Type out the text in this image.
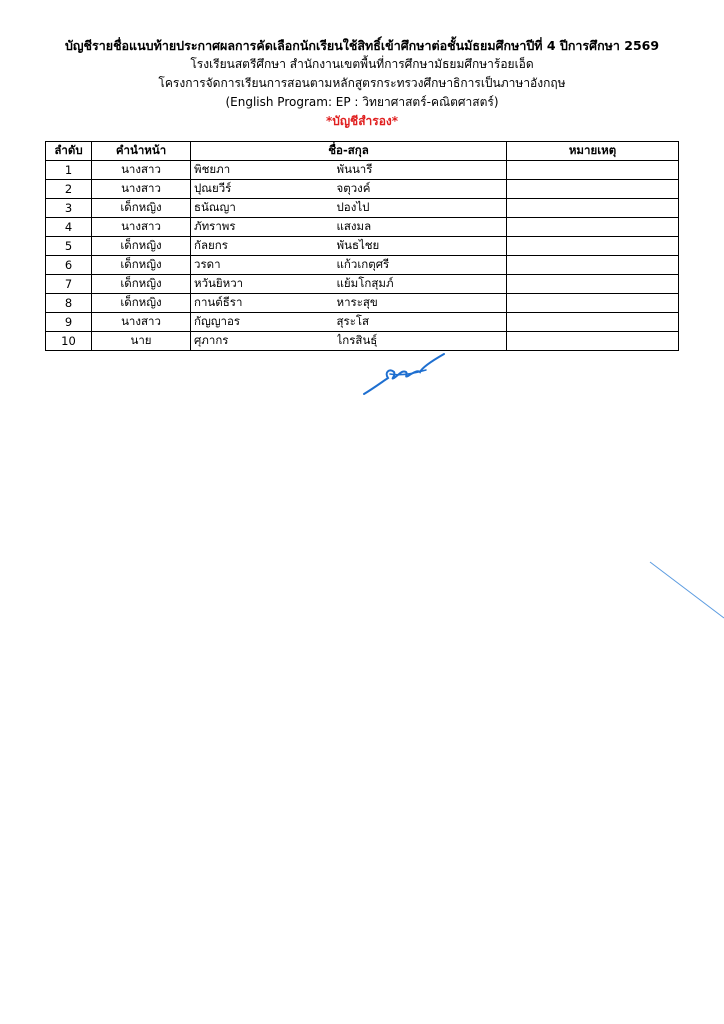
บัญชีรายชื่อแนบท้ายประกาศผลการคัดเลือกนักเรียนใช้สิทธิ์เข้าศึกษาต่อชั้นมัธยมศึกษาปีที่ 4 ปีการศึกษา 2569
โรงเรียนสตรีศึกษา สำนักงานเขตพื้นที่การศึกษามัธยมศึกษาร้อยเอ็ด
โครงการจัดการเรียนการสอนตามหลักสูตรกระทรวงศึกษาธิการเป็นภาษาอังกฤษ
(English Program: EP : วิทยาศาสตร์-คณิตศาสตร์)
*บัญชีสำรอง*
ลำดับ	คำนำหน้า	ชื่อ-สกุล		หมายเหตุ
1	นางสาว	พิชยภา	พันนารี	
2	นางสาว	ปุณยวีร์	จตุวงค์	
3	เด็กหญิง	ธนัณญา	ปองไป	
4	นางสาว	ภัทราพร	แสงมล	
5	เด็กหญิง	กัลยกร	พันธไชย	
6	เด็กหญิง	วรดา	แก้วเกตุศรี	
7	เด็กหญิง	หวันยิหวา	แย้มโกสุมภ์	
8	เด็กหญิง	กานต์ธีรา	หาระสุข	
9	นางสาว	กัญญาอร	สุระโส	
10	นาย	ศุภากร	ไกรสินธุ์	
